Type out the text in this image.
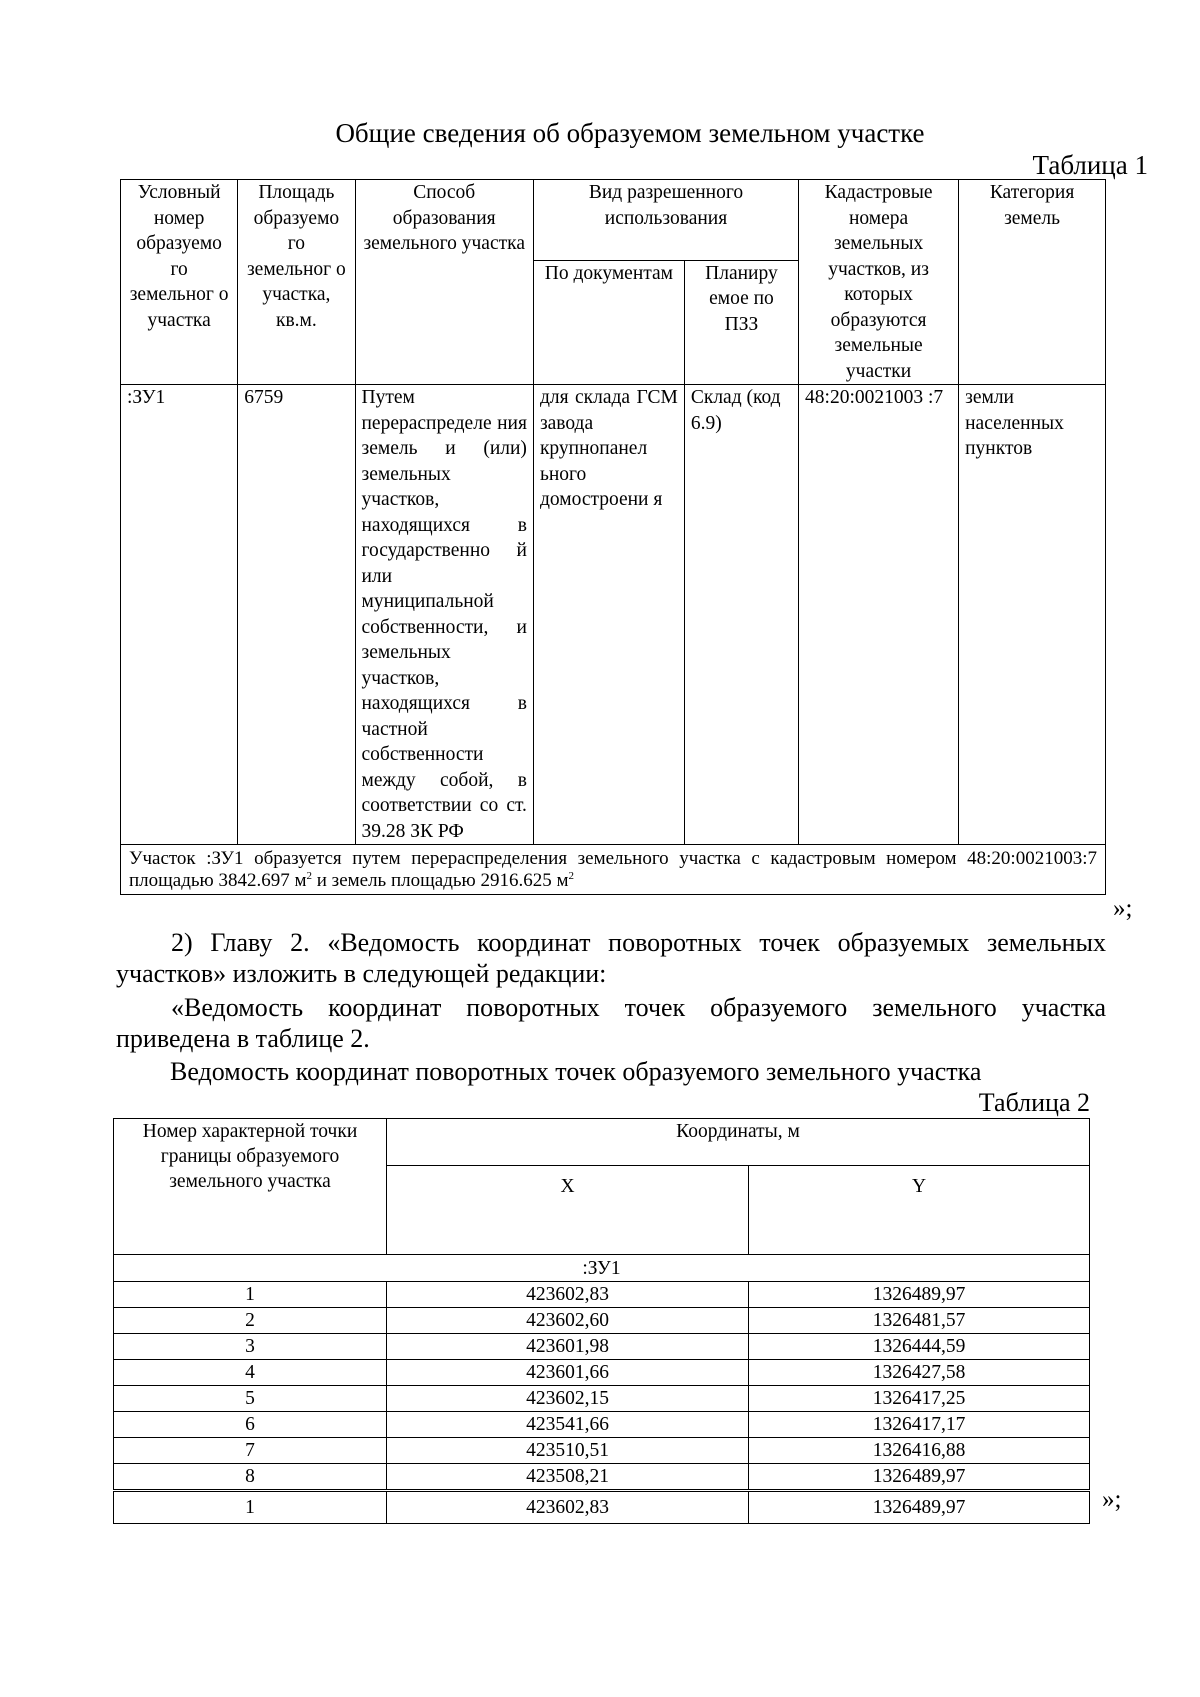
Общие сведения об образуемом земельном участке
Таблица 1
Условный номер образуемо го земельног о участка	Площадь образуемо го земельног о участка, кв.м.	Способ образования земельного участка	Вид разрешенного использования		Кадастровые номера земельных участков, из которых образуются земельные участки	Категория земель
			По документам	Планиру емое по ПЗЗ		
:ЗУ1	6759	Путем перераспределе ния земель и (или) земельных участков, находящихся в государственно й или муниципальной собственности, и земельных участков, находящихся в частной собственности между собой, в соответствии со ст. 39.28 ЗК РФ	для склада ГСМ завода крупнопанел ьного домостроени я	Склад (код 6.9)	48:20:0021003 :7	земли населенных пунктов
Участок :ЗУ1 образуется путем перераспределения земельного участка с кадастровым номером 48:20:0021003:7 площадью 3842.697 $м^2$ и земель площадью 2916.625 $м^2$
»;
2) Главу 2. «Ведомость координат поворотных точек образуемых земельных участков» изложить в следующей редакции:
«Ведомость координат поворотных точек образуемого земельного участка приведена в таблице 2.
Ведомость координат поворотных точек образуемого земельного участка
Таблица 2
Номер характерной точки границы образуемого земельного участка	Координаты, м	
	X	Y
:ЗУ1		
1	423602,83	1326489,97
2	423602,60	1326481,57
3	423601,98	1326444,59
4	423601,66	1326427,58
5	423602,15	1326417,25
6	423541,66	1326417,17
7	423510,51	1326416,88
8	423508,21	1326489,97
1	423602,83	1326489,97	»;
